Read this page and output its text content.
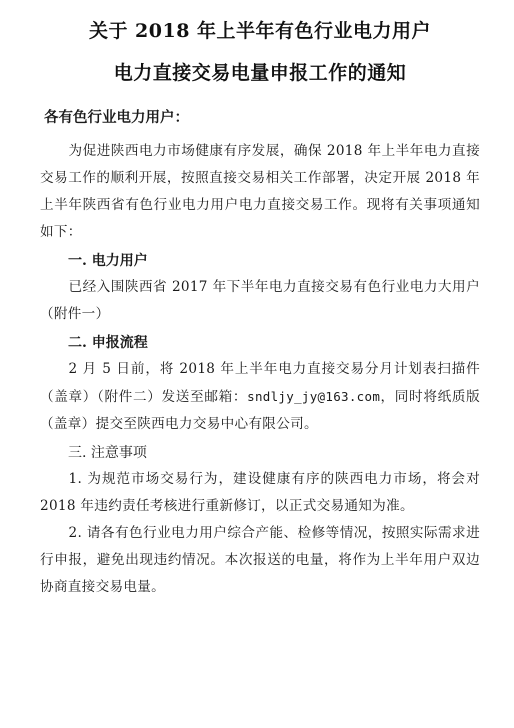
关于 2018 年上半年有色行业电力用户
电力直接交易电量申报工作的通知
各有色行业电力用户：

为促进陕西电力市场健康有序发展，确保 2018 年上半年电力直接交易工作的顺利开展，按照直接交易相关工作部署，决定开展 2018 年上半年陕西省有色行业电力用户电力直接交易工作。现将有关事项通知如下：

一. 电力用户

已经入围陕西省 2017 年下半年电力直接交易有色行业电力大用户（附件一）

二. 申报流程

2 月 5 日前，将 2018 年上半年电力直接交易分月计划表扫描件（盖章）（附件二）发送至邮箱：sndljy_jy@163.com，同时将纸质版（盖章）提交至陕西电力交易中心有限公司。

三. 注意事项

1. 为规范市场交易行为，建设健康有序的陕西电力市场，将会对 2018 年违约责任考核进行重新修订，以正式交易通知为准。

2. 请各有色行业电力用户综合产能、检修等情况，按照实际需求进行申报，避免出现违约情况。本次报送的电量，将作为上半年用户双边协商直接交易电量。
